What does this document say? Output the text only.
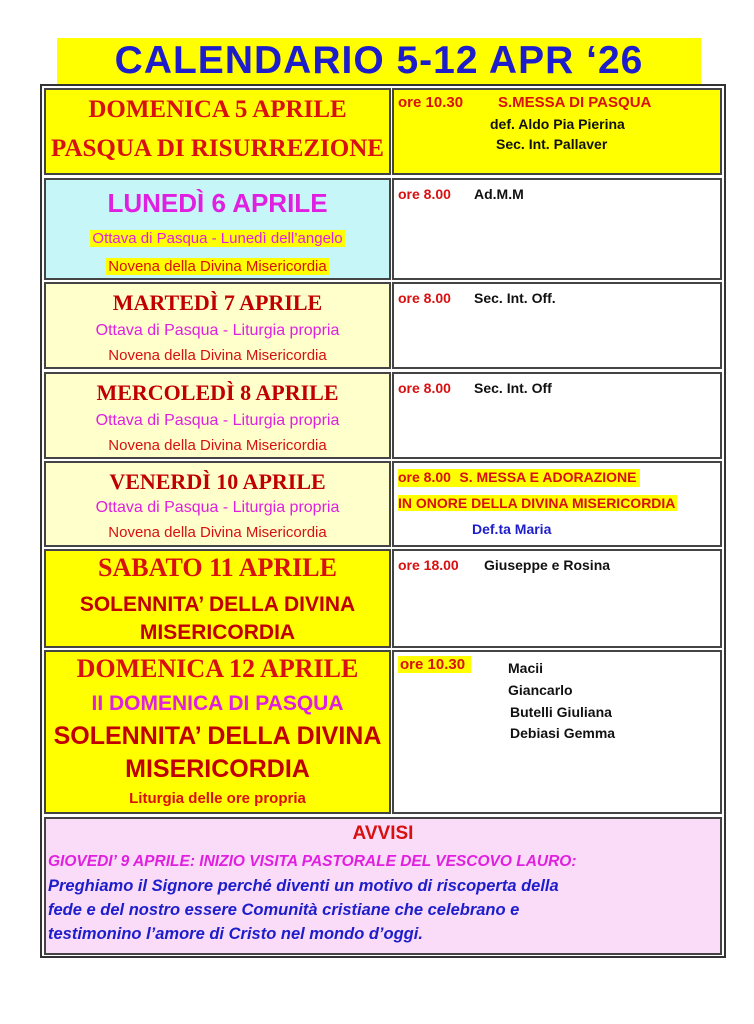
CALENDARIO 5-12 APR ‘26
DOMENICA 5 APRILE
PASQUA DI RISURREZIONE
ore 10.30 S.MESSA DI PASQUA
def. Aldo Pia Pierina
Sec. Int. Pallaver
LUNEDÌ 6 APRILE
Ottava di Pasqua - Lunedì dell’angelo
Novena della Divina Misericordia
ore 8.00 Ad.M.M
MARTEDÌ 7 APRILE
Ottava di Pasqua - Liturgia propria
Novena della Divina Misericordia
ore 8.00 Sec. Int. Off.
MERCOLEDÌ 8 APRILE
Ottava di Pasqua - Liturgia propria
Novena della Divina Misericordia
ore 8.00 Sec. Int. Off
VENERDÌ 10 APRILE
Ottava di Pasqua - Liturgia propria
Novena della Divina Misericordia
ore 8.00 S. MESSA E ADORAZIONE
IN ONORE DELLA DIVINA MISERICORDIA
Def.ta Maria
SABATO 11 APRILE
SOLENNITA’ DELLA DIVINA
MISERICORDIA
ore 18.00 Giuseppe e Rosina
DOMENICA 12 APRILE
II DOMENICA DI PASQUA
SOLENNITA’ DELLA DIVINA
MISERICORDIA
Liturgia delle ore propria
ore 10.30	Macii
Giancarlo
Butelli Giuliana
Debiasi Gemma
AVVISI
GIOVEDI’ 9 APRILE: INIZIO VISITA PASTORALE DEL VESCOVO LAURO:
Preghiamo il Signore perché diventi un motivo di riscoperta della
fede e del nostro essere Comunità cristiane che celebrano e
testimonino l’amore di Cristo nel mondo d’oggi.
